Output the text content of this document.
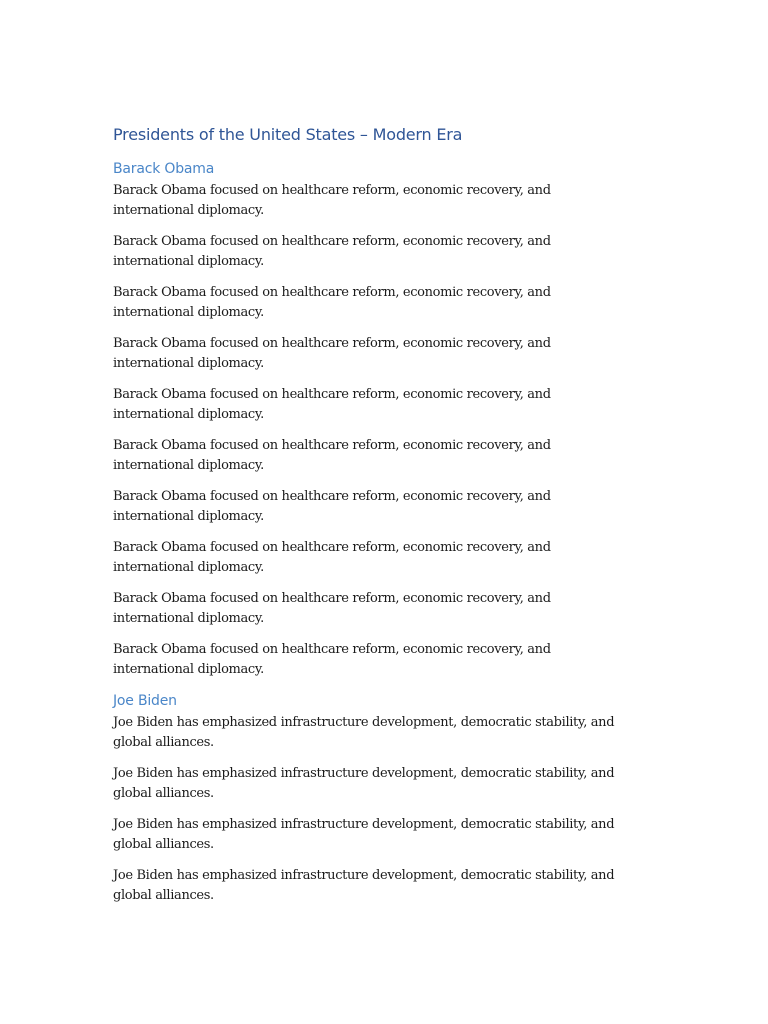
Presidents of the United States – Modern Era
Barack Obama

Barack Obama focused on healthcare reform, economic recovery, and international diplomacy.

Barack Obama focused on healthcare reform, economic recovery, and international diplomacy.

Barack Obama focused on healthcare reform, economic recovery, and international diplomacy.

Barack Obama focused on healthcare reform, economic recovery, and international diplomacy.

Barack Obama focused on healthcare reform, economic recovery, and international diplomacy.

Barack Obama focused on healthcare reform, economic recovery, and international diplomacy.

Barack Obama focused on healthcare reform, economic recovery, and international diplomacy.

Barack Obama focused on healthcare reform, economic recovery, and international diplomacy.

Barack Obama focused on healthcare reform, economic recovery, and international diplomacy.

Barack Obama focused on healthcare reform, economic recovery, and international diplomacy.

Joe Biden

Joe Biden has emphasized infrastructure development, democratic stability, and global alliances.

Joe Biden has emphasized infrastructure development, democratic stability, and global alliances.

Joe Biden has emphasized infrastructure development, democratic stability, and global alliances.

Joe Biden has emphasized infrastructure development, democratic stability, and global alliances.
